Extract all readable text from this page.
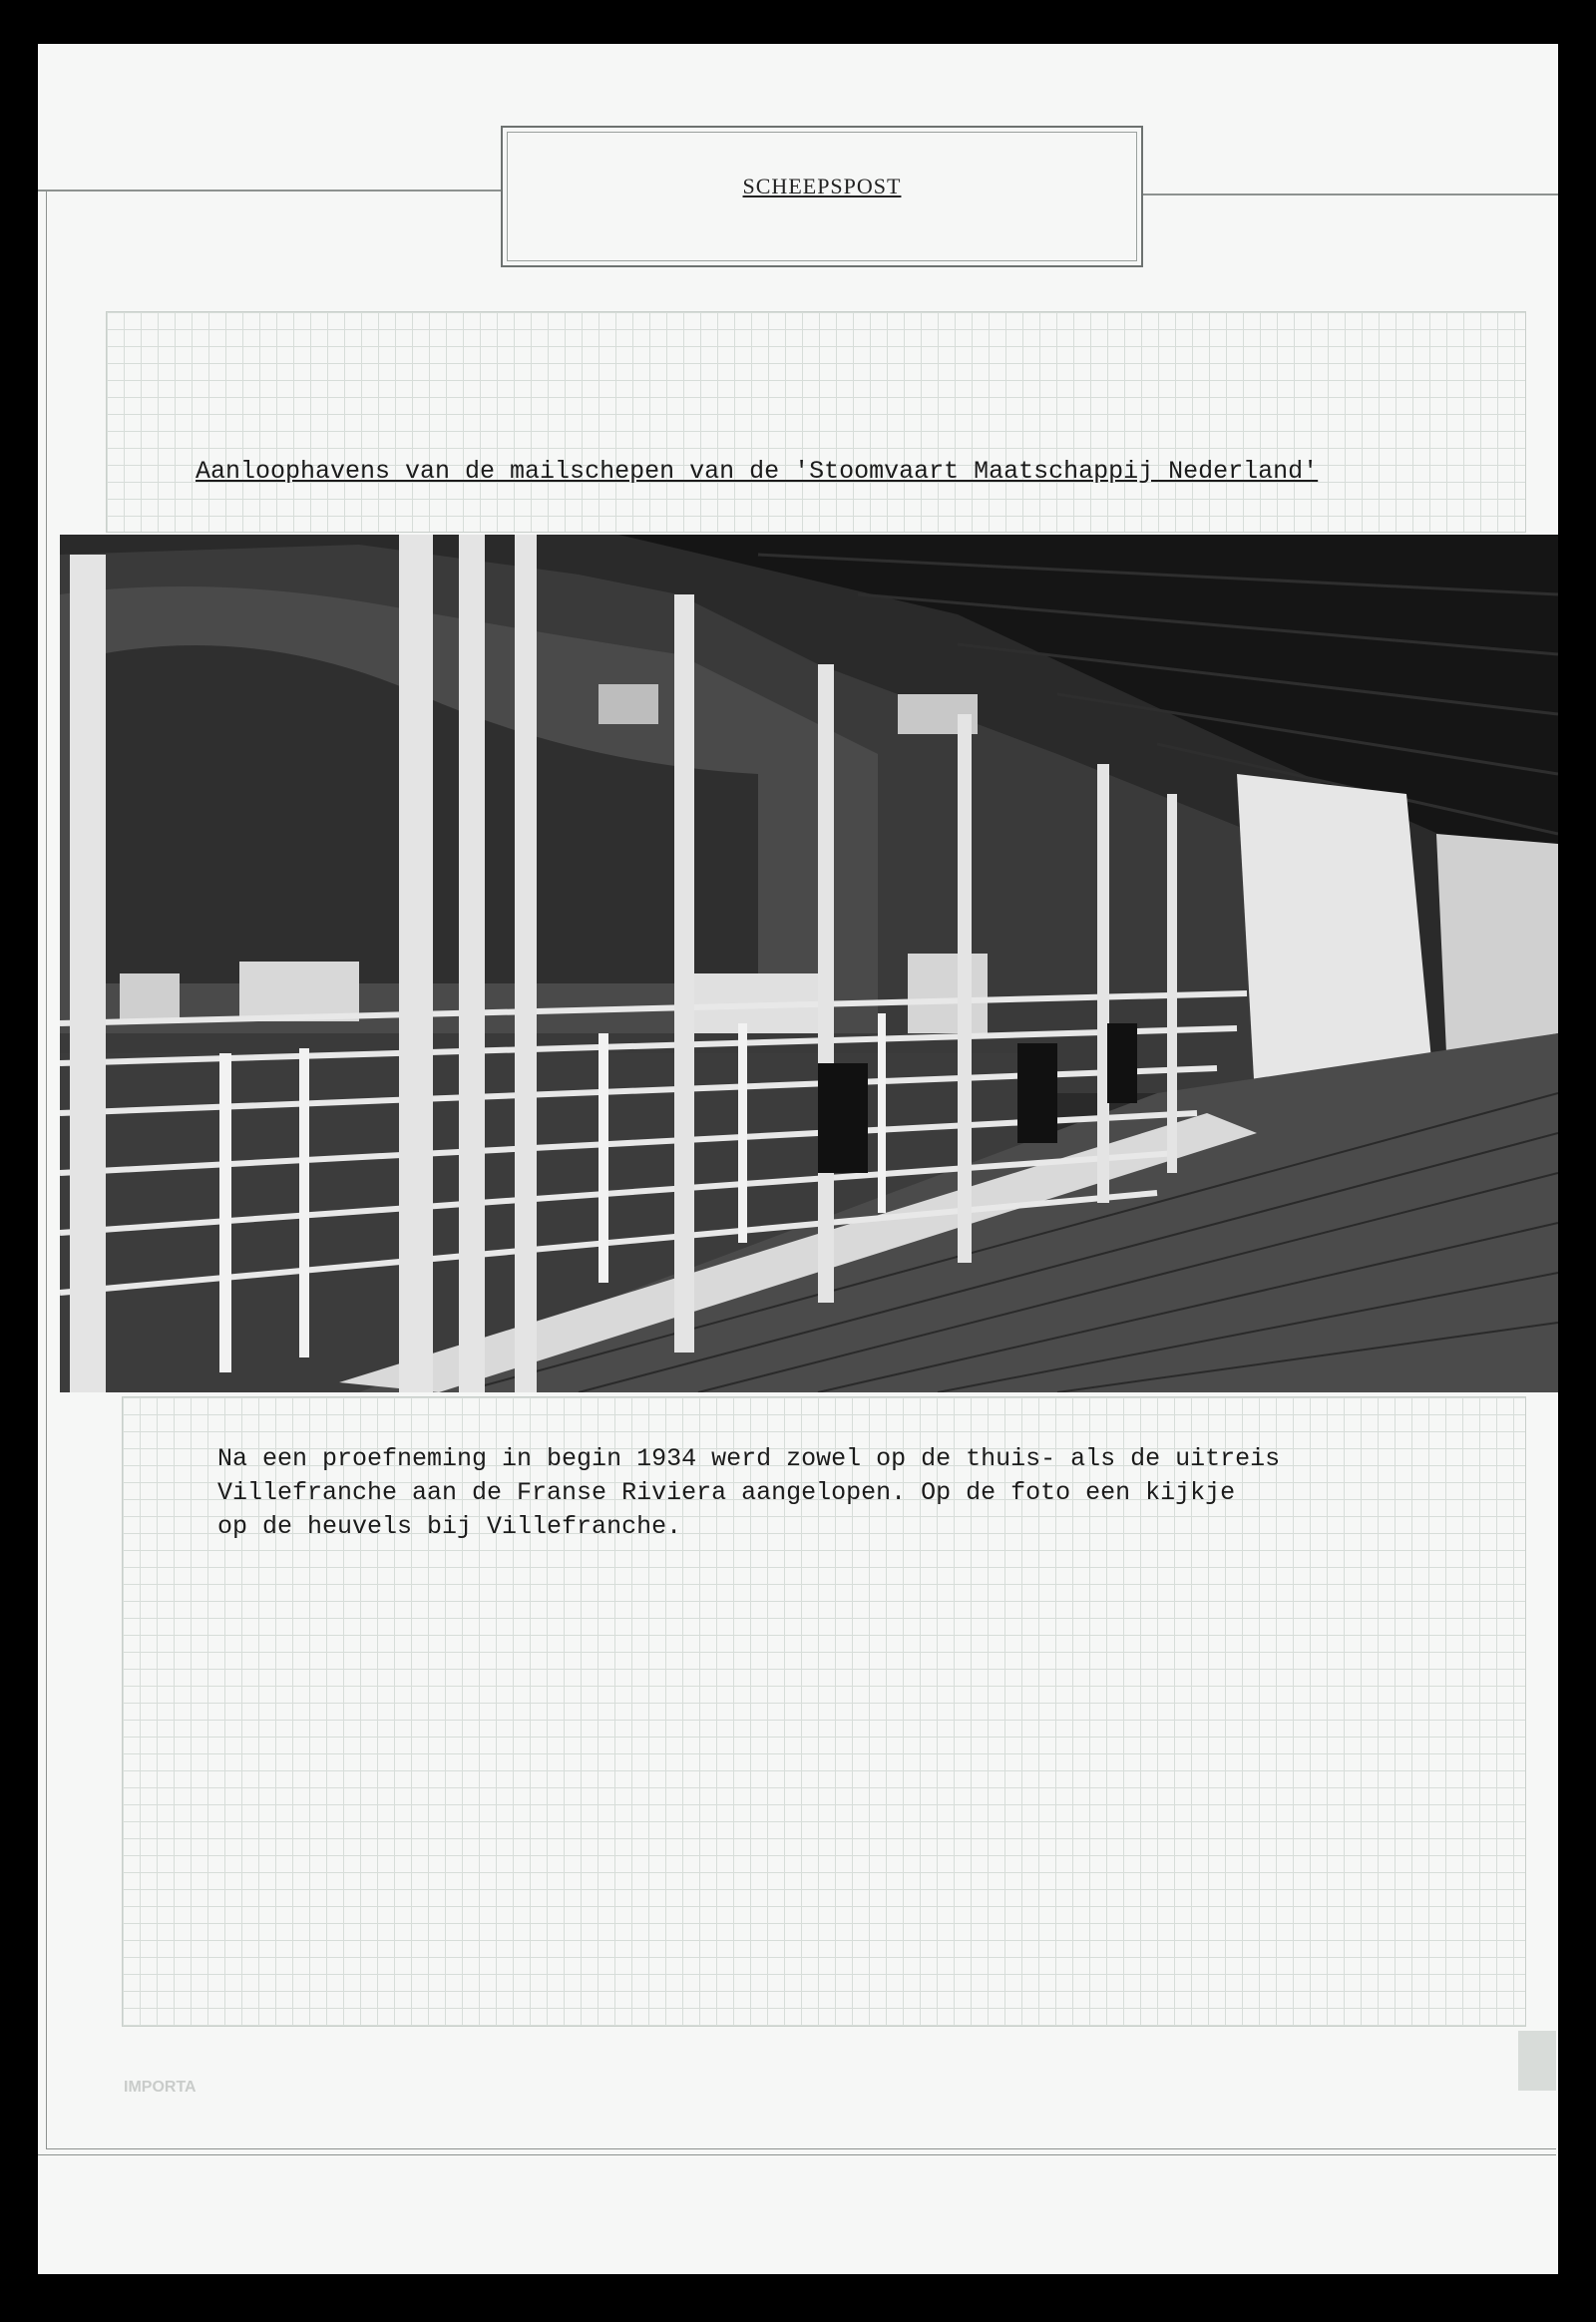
SCHEEPSPOST
Aanloophavens van de mailschepen van de 'Stoomvaart Maatschappij Nederland'
Na een proefneming in begin 1934 werd zowel op de thuis- als de uitreis
Villefranche aan de Franse Riviera aangelopen. Op de foto een kijkje
op de heuvels bij Villefranche.
IMPORTA
